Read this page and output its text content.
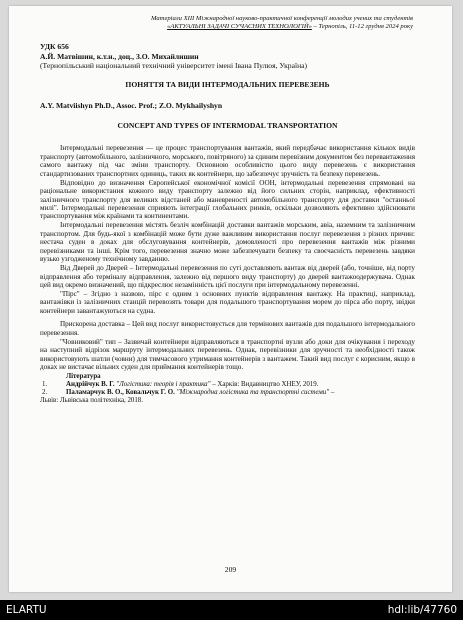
Матеріали XIII Міжнародної науково-практичної конференції молодих учених та студентів
«АКТУАЛЬНІ ЗАДАЧІ СУЧАСНИХ ТЕХНОЛОГІЙ» – Тернопіль, 11-12 грудня 2024 року
УДК 656
А.Й. Матвішин, к.т.н., доц., З.О. Михайлишин
(Тернопільський національний технічний університет імені Івана Пулюя, Україна)
ПОНЯТТЯ ТА ВИДИ ІНТЕРМОДАЛЬНИХ ПЕРЕВЕЗЕНЬ
A.Y. Matviishyn Ph.D., Assoc. Prof.; Z.O. Mykhailyshyn
CONCEPT AND TYPES OF INTERMODAL TRANSPORTATION

Інтермодальні перевезення — це процес транспортування вантажів, який передбачає використання кількох видів транспорту (автомобільного, залізничного, морського, повітряного) за єдиним перевізним документом без перевантаження самого вантажу під час зміни транспорту. Основною особливістю цього виду перевезень є використання стандартизованих транспортних одиниць, таких як контейнери, що забезпечує зручність та безпеку перевезень.

Відповідно до визначення Європейської економічної комісії ООН, інтермодальні перевезення спрямовані на раціональне використання кожного виду транспорту залежно від його сильних сторін, наприклад, ефективності залізничного транспорту для великих відстаней або маневреності автомобільного транспорту для доставки "останньої милі". Інтермодальні перевезення сприяють інтеграції глобальних ринків, оскільки дозволяють ефективно здійснювати транспортування між країнами та континентами.

Інтермодальні перевезення містять безліч комбінацій доставки вантажів морським, авіа, наземним та залізничним транспортом. Для будь-якої з комбінацій може бути дуже важливим використання послуг перевезення з різних причин: нестача суден в доках для обслуговування контейнерів, домовленості про перевезення вантажів між різними перевізниками та інші. Крім того, перевезення значно може забезпечувати безпеку та своєчасність перевезень завдяки вузько узгодженому технічному завданню.

Від Дверей до Дверей – Інтермодальні перевезення по суті доставляють вантаж від дверей (або, точніше, від порту відправлення або терміналу відправлення, залежно від першого виду транспорту) до дверей вантажоодержувача. Однак цей вид окремо визначений, що підкреслює незамінність цієї послуги при інтермодальному перевезенні.

"Пірс" – Згідно з назвою, пірс є одним з основних пунктів відправлення вантажу. На практиці, наприклад, вантажівки із залізничних станцій перевозять товари для подальшого транспортування морем до пірса або порту, звідки контейнери завантажуються на судна.

Прискорена доставка – Цей вид послуг використовується для термінових вантажів для подальшого інтермодального перевезення.

"Човниковий" тип – Зазвичай контейнери відправляються в транспортні вузли або доки для очікування і переходу на наступний відрізок маршруту інтермодальних перевезень. Однак, перевізники для зручності та необхідності також використовують шатли (човни) для тимчасового утримання контейнерів з вантажем. Такий вид послуг є корисним, якщо в доках не вистачає вільних суден для приймання контейнерів тощо.

Література
1.	Андрійчук В. Г. "Логістика: теорія і практика" – Харків: Видавництво ХНЕУ, 2019.
2.	Паламарчук В. О., Ковальчук Г. О. "Міжнародна логістика та транспортні системи" –
Львів: Львівська політехніка, 2018.
209
ELARTU	hdl:lib/47760
